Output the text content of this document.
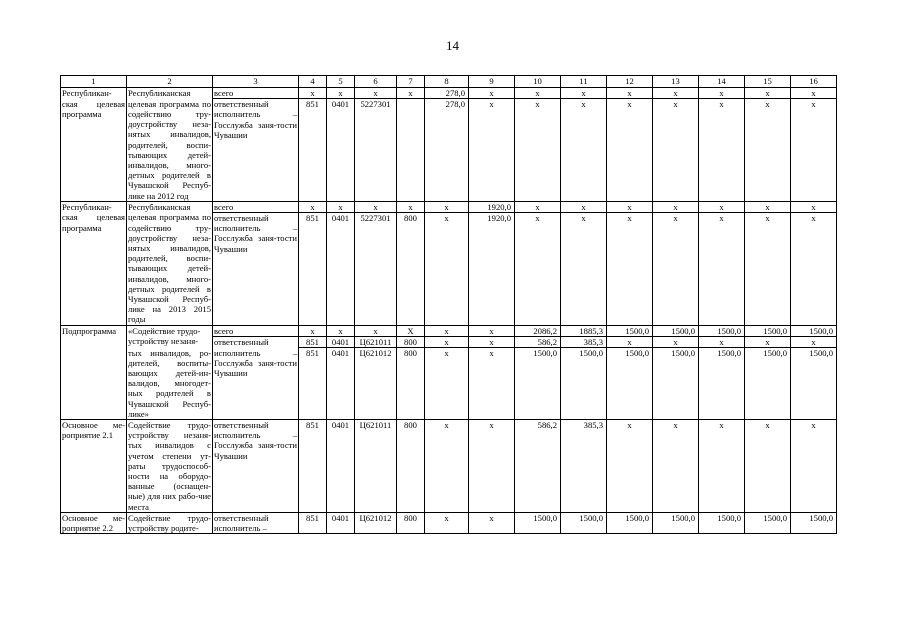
14
1	2	3	4	5	6	7	8	9	10	11	12	13	14	15	16
Республикан-	Республиканская	всего	х	х	х	х	278,0	х	х	х	х	х	х	х	х
ская целевая программа	целевая программа по содействию тру-доустройству неза-нятых инвалидов, родителей, воспи-тывающих детей-инвалидов, много-детных родителей в Чувашской Респуб-лике на 2012 год	ответственный исполнитель – Госслужба заня-тости Чувашии	851	0401	5227301		278,0	х	х	х	х	х	х	х	х
Республикан-	Республиканская	всего	х	х	х	х	х	1920,0	х	х	х	х	х	х	х
ская целевая программа	целевая программа по содействию тру-доустройству неза-нятых инвалидов, родителей, воспи-тывающих детей-инвалидов, много-детных родителей в Чувашской Респуб-лике на 2013 2015 годы	ответственный исполнитель – Госслужба заня-тости Чувашии	851	0401	5227301	800	х	1920,0	х	х	х	х	х	х	х
Подпрограмма	«Содействие трудо-	всего	х	х	х	Х	х	х	2086,2	1885,3	1500,0	1500,0	1500,0	1500,0	1500,0
	устройству незаня-	ответственный	851	0401	Ц621011	800	х	х	586,2	385,3	х	х	х	х	х
	тых инвалидов, ро-дителей, воспиты-вающих детей-ин-валидов, многодет-ных родителей в Чувашской Респуб-лике»	исполнитель – Госслужба заня-тости Чувашии	851	0401	Ц621012	800	х	х	1500,0	1500,0	1500,0	1500,0	1500,0	1500,0	1500,0
Основное ме-роприятие 2.1	Содействие трудо-устройству незаня-тых инвалидов с учетом степени ут-раты трудоспособ-ности на оборудо-ванные (оснащен-ные) для них рабо-чие места	ответственный исполнитель – Госслужба заня-тости Чувашии	851	0401	Ц621011	800	х	х	586,2	385,3	х	х	х	х	х
Основное ме-роприятие 2.2	Содействие трудо-устройству родите-	ответственный исполнитель –	851	0401	Ц621012	800	х	х	1500,0	1500,0	1500,0	1500,0	1500,0	1500,0	1500,0
